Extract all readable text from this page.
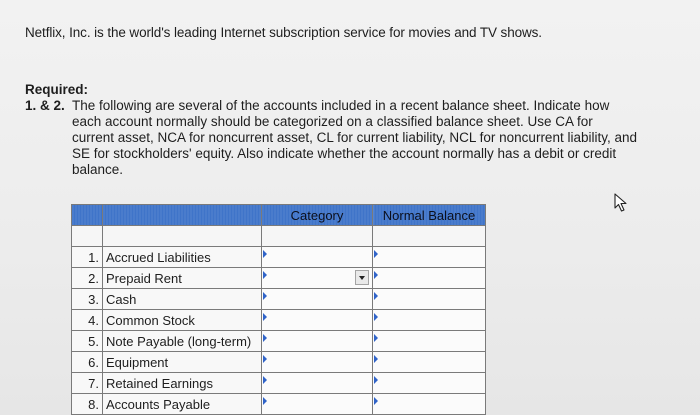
Netflix, Inc. is the world's leading Internet subscription service for movies and TV shows.
Required:
1. & 2. The following are several of the accounts included in a recent balance sheet. Indicate how
each account normally should be categorized on a classified balance sheet. Use CA for
current asset, NCA for noncurrent asset, CL for current liability, NCL for noncurrent liability, and
SE for stockholders' equity. Also indicate whether the account normally has a debit or credit
balance.
		Category	Normal Balance

1.	Accrued Liabilities	

2.	Prepaid Rent	

3.	Cash	

4.	Common Stock	

5.	Note Payable (long-term)	

6.	Equipment	

7.	Retained Earnings	

8.	Accounts Payable	
